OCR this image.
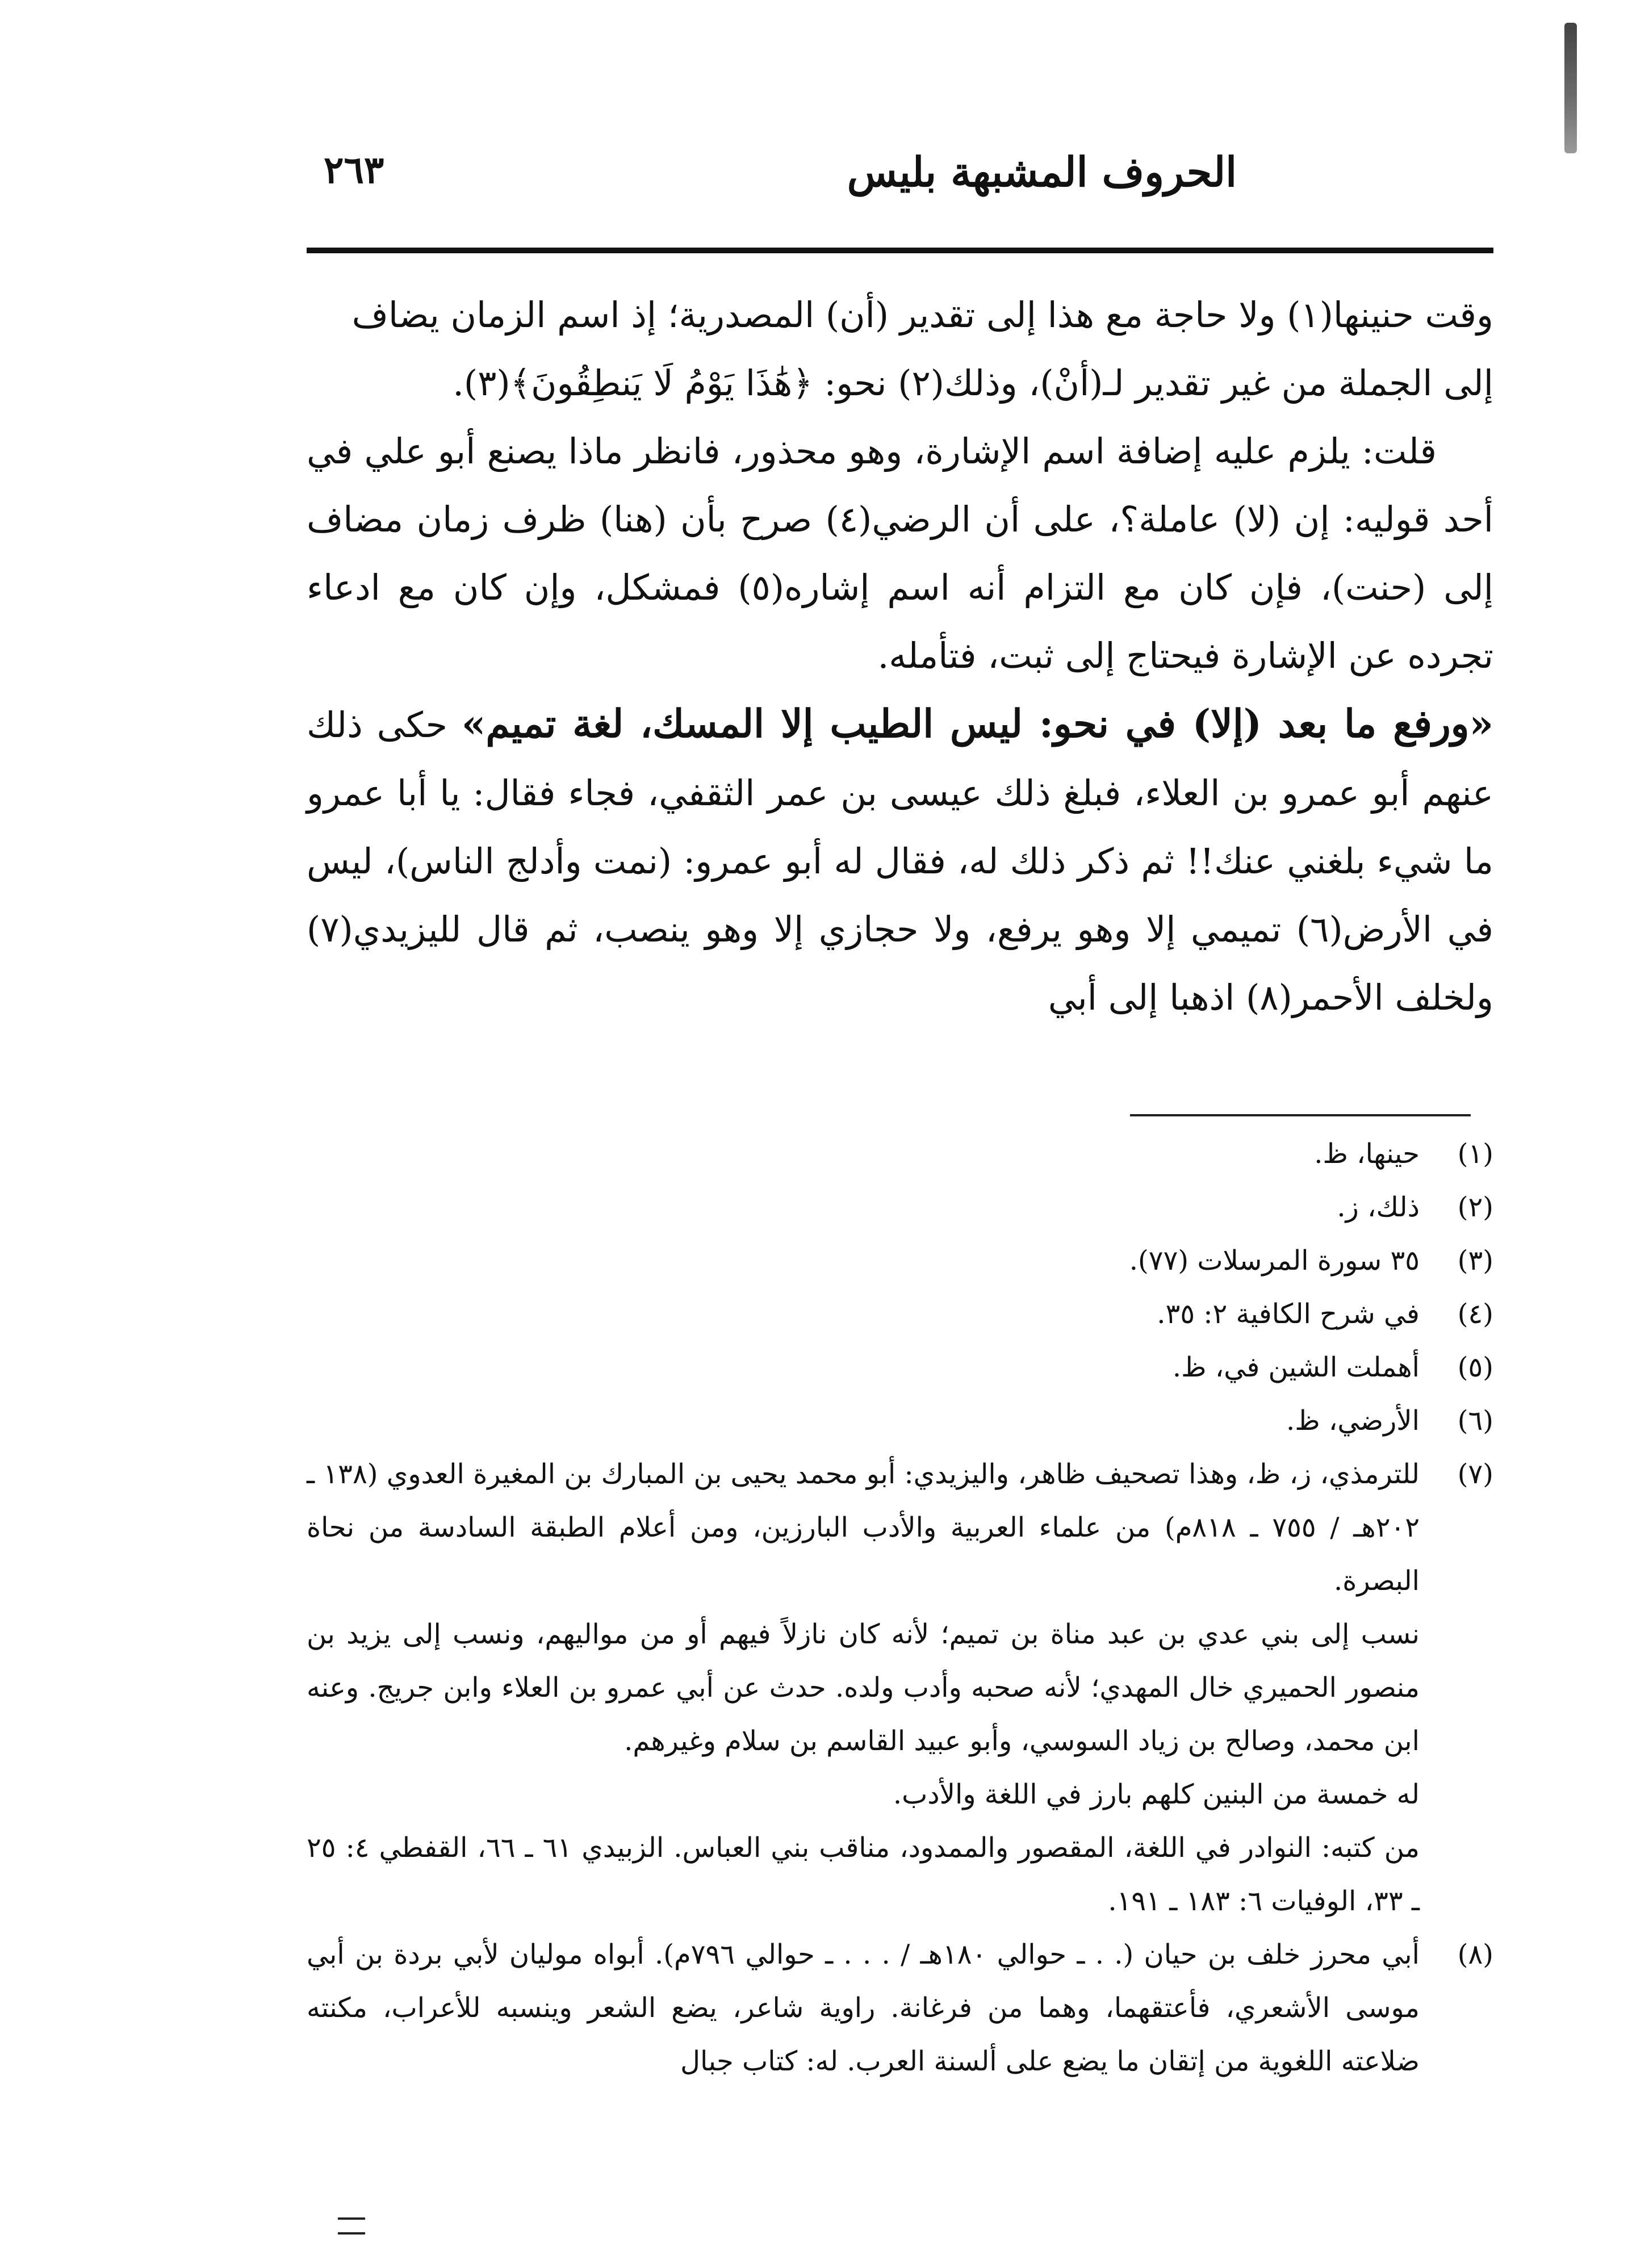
٢٦٣	الحروف المشبهة بليس

وقت حنينها(١) ولا حاجة مع هذا إلى تقدير (أن) المصدرية؛ إذ اسم الزمان يضاف

إلى الجملة من غير تقدير لـ(أنْ)، وذلك(٢) نحو: ﴿هَٰذَا يَوْمُ لَا يَنطِقُونَ﴾(٣).

قلت: يلزم عليه إضافة اسم الإشارة، وهو محذور، فانظر ماذا يصنع أبو علي في أحد قوليه: إن (لا) عاملة؟، على أن الرضي(٤) صرح بأن (هنا) ظرف زمان مضاف إلى (حنت)، فإن كان مع التزام أنه اسم إشاره(٥) فمشكل، وإن كان مع ادعاء تجرده عن الإشارة فيحتاج إلى ثبت، فتأمله.

«ورفع ما بعد (إلا) في نحو: ليس الطيب إلا المسك، لغة تميم» حكى ذلك عنهم أبو عمرو بن العلاء، فبلغ ذلك عيسى بن عمر الثقفي، فجاء فقال: يا أبا عمرو ما شيء بلغني عنك!! ثم ذكر ذلك له، فقال له أبو عمرو: (نمت وأدلج الناس)، ليس في الأرض(٦) تميمي إلا وهو يرفع، ولا حجازي إلا وهو ينصب، ثم قال لليزيدي(٧) ولخلف الأحمر(٨) اذهبا إلى أبي

(١)
حينها، ظ.
(٢)
ذلك، ز.
(٣)
٣٥ سورة المرسلات (٧٧).
(٤)
في شرح الكافية ٢: ٣٥.
(٥)
أهملت الشين في، ظ.
(٦)
الأرضي، ظ.
(٧)
للترمذي، ز، ظ، وهذا تصحيف ظاهر، واليزيدي: أبو محمد يحيى بن المبارك بن المغيرة العدوي (١٣٨ ـ ٢٠٢هـ / ٧٥٥ ـ ٨١٨م) من علماء العربية والأدب البارزين، ومن أعلام الطبقة السادسة من نحاة البصرة.
نسب إلى بني عدي بن عبد مناة بن تميم؛ لأنه كان نازلاً فيهم أو من مواليهم، ونسب إلى يزيد بن منصور الحميري خال المهدي؛ لأنه صحبه وأدب ولده. حدث عن أبي عمرو بن العلاء وابن جريج. وعنه ابن محمد، وصالح بن زياد السوسي، وأبو عبيد القاسم بن سلام وغيرهم.
له خمسة من البنين كلهم بارز في اللغة والأدب.
من كتبه: النوادر في اللغة، المقصور والممدود، مناقب بني العباس. الزبيدي ٦١ ـ ٦٦، القفطي ٤: ٢٥ ـ ٣٣، الوفيات ٦: ١٨٣ ـ ١٩١.
(٨)
أبي محرز خلف بن حيان (. . ـ حوالي ١٨٠هـ / . . . ـ حوالي ٧٩٦م). أبواه موليان لأبي بردة بن أبي موسى الأشعري، فأعتقهما، وهما من فرغانة. راوية شاعر، يضع الشعر وينسبه للأعراب، مكنته ضلاعته اللغوية من إتقان ما يضع على ألسنة العرب. له: كتاب جبال
